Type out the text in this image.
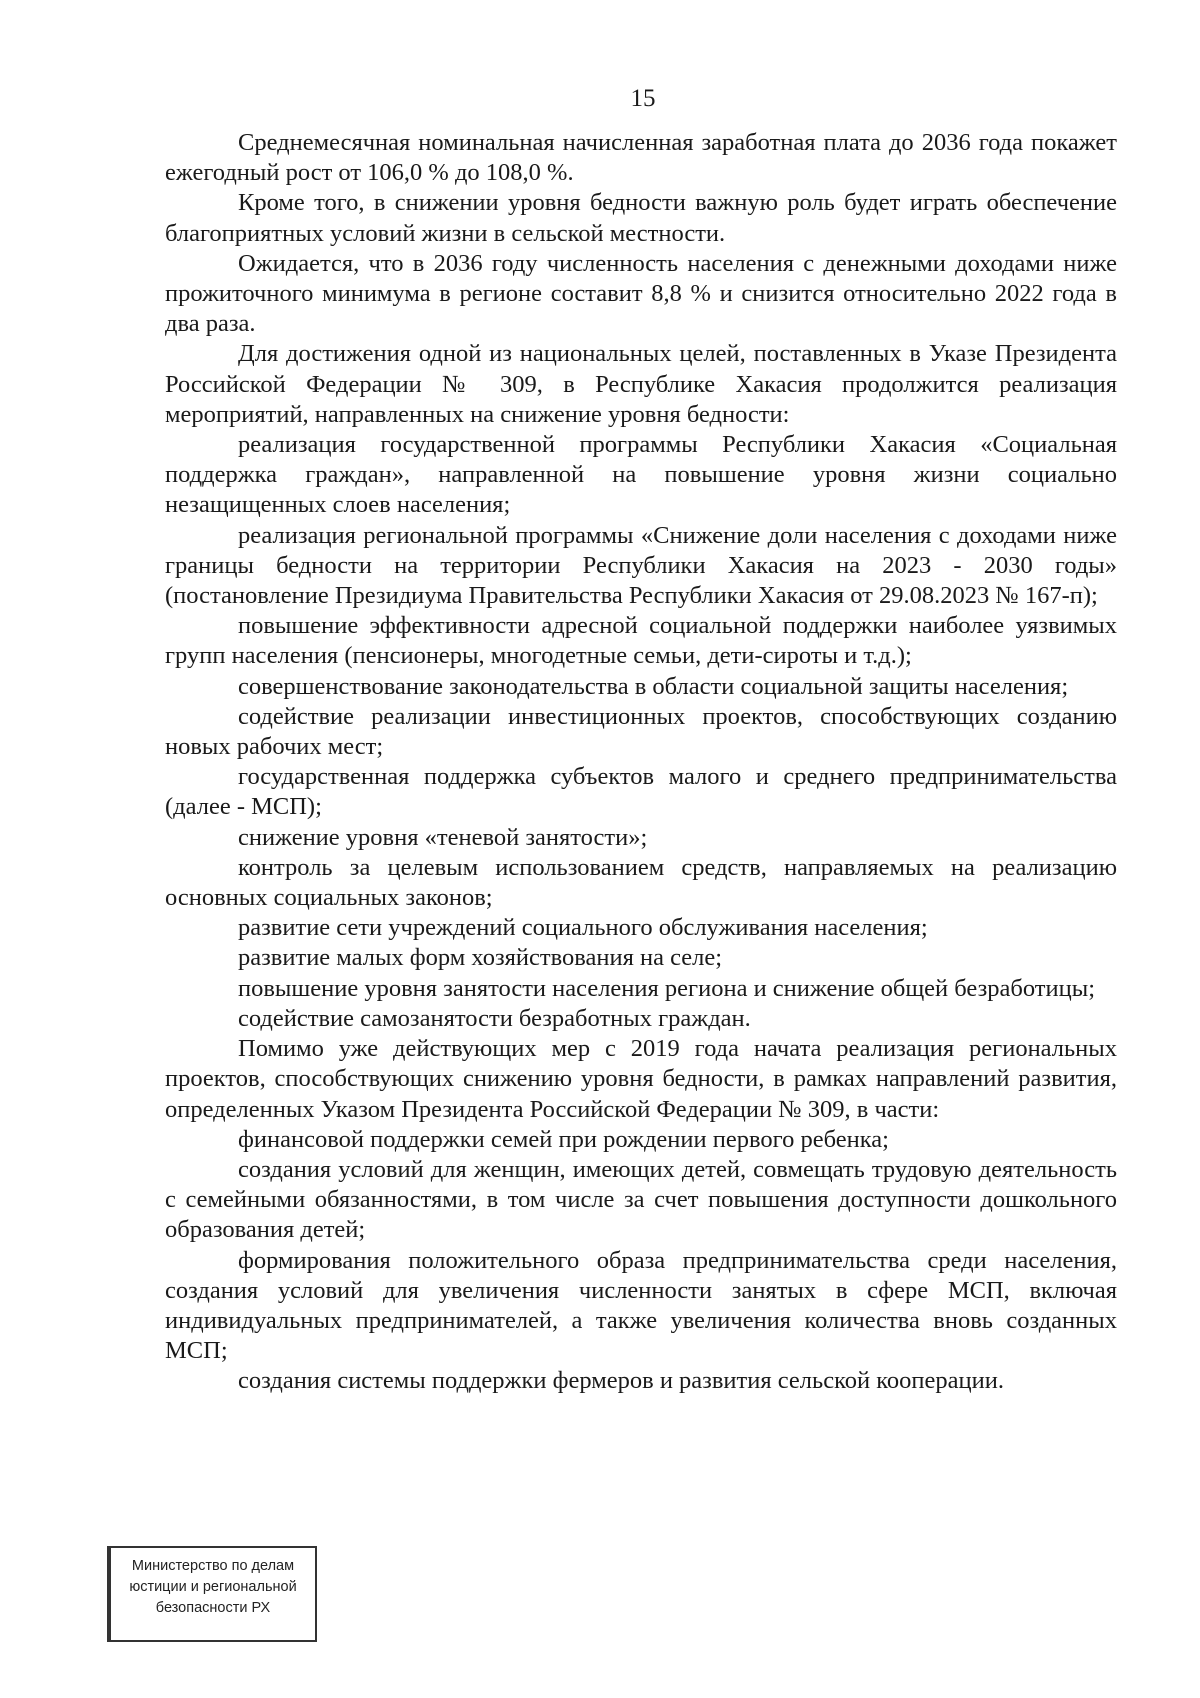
15

Среднемесячная номинальная начисленная заработная плата до 2036 года покажет ежегодный рост от 106,0 % до 108,0 %.

Кроме того, в снижении уровня бедности важную роль будет играть обеспечение благоприятных условий жизни в сельской местности.

Ожидается, что в 2036 году численность населения с денежными доходами ниже прожиточного минимума в регионе составит 8,8 % и снизится относительно 2022 года в два раза.

Для достижения одной из национальных целей, поставленных в Указе Президента Российской Федерации № 309, в Республике Хакасия продолжится реализация мероприятий, направленных на снижение уровня бедности:

реализация государственной программы Республики Хакасия «Социальная поддержка граждан», направленной на повышение уровня жизни социально незащищенных слоев населения;

реализация региональной программы «Снижение доли населения с доходами ниже границы бедности на территории Республики Хакасия на 2023 - 2030 годы» (постановление Президиума Правительства Республики Хакасия от 29.08.2023 № 167-п);

повышение эффективности адресной социальной поддержки наиболее уязвимых групп населения (пенсионеры, многодетные семьи, дети-сироты и т.д.);

совершенствование законодательства в области социальной защиты населения;

содействие реализации инвестиционных проектов, способствующих созданию новых рабочих мест;

государственная поддержка субъектов малого и среднего предпринимательства (далее - МСП);

снижение уровня «теневой занятости»;

контроль за целевым использованием средств, направляемых на реализацию основных социальных законов;

развитие сети учреждений социального обслуживания населения;

развитие малых форм хозяйствования на селе;

повышение уровня занятости населения региона и снижение общей безработицы;

содействие самозанятости безработных граждан.

Помимо уже действующих мер с 2019 года начата реализация региональных проектов, способствующих снижению уровня бедности, в рамках направлений развития, определенных Указом Президента Российской Федерации № 309, в части:

финансовой поддержки семей при рождении первого ребенка;

создания условий для женщин, имеющих детей, совмещать трудовую деятельность с семейными обязанностями, в том числе за счет повышения доступности дошкольного образования детей;

формирования положительного образа предпринимательства среди населения, создания условий для увеличения численности занятых в сфере МСП, включая индивидуальных предпринимателей, а также увеличения количества вновь созданных МСП;

создания системы поддержки фермеров и развития сельской кооперации.

Министерство по делам
юстиции и региональной
безопасности РХ
